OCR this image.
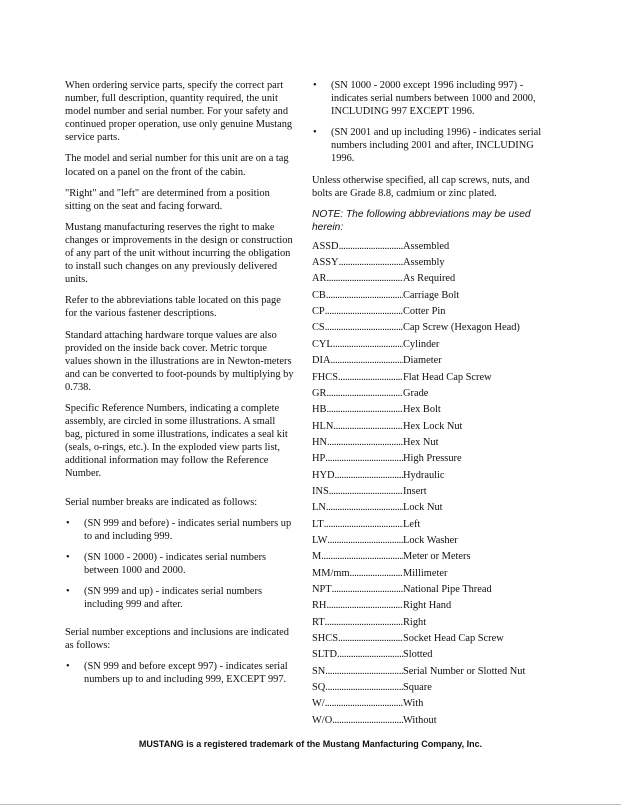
When ordering service parts, specify the correct part number, full description, quantity required, the unit model number and serial number. For your safety and continued proper operation, use only genuine Mustang service parts.

The model and serial number for this unit are on a tag located on a panel on the front of the cabin.

"Right" and "left" are determined from a position sitting on the seat and facing forward.

Mustang manufacturing reserves the right to make changes or improvements in the design or construction of any part of the unit without incurring the obligation to install such changes on any previously delivered units.

Refer to the abbreviations table located on this page for the various fastener descriptions.

Standard attaching hardware torque values are also provided on the inside back cover. Metric torque values shown in the illustrations are in Newton-meters and can be converted to foot-pounds by multiplying by 0.738.

Specific Reference Numbers, indicating a complete assembly, are circled in some illustrations. A small bag, pictured in some illustrations, indicates a seal kit (seals, o-rings, etc.). In the exploded view parts list, additional information may follow the Reference Number.

Serial number breaks are indicated as follows:

• (SN 999 and before) - indicates serial numbers up to and including 999.
• (SN 1000 - 2000) - indicates serial numbers between 1000 and 2000.
• (SN 999 and up) - indicates serial numbers including 999 and after.

Serial number exceptions and inclusions are indicated as follows:

• (SN 999 and before except 997) - indicates serial numbers up to and including 999, EXCEPT 997.
• (SN 1000 - 2000 except 1996 including 997) - indicates serial numbers between 1000 and 2000, INCLUDING 997 EXCEPT 1996.
• (SN 2001 and up including 1996) - indicates serial numbers including 2001 and after, INCLUDING 1996.

Unless otherwise specified, all cap screws, nuts, and bolts are Grade 8.8, cadmium or zinc plated.

NOTE: The following abbreviations may be used herein:

ASSD .....	Assembled
ASSY .....	Assembly
AR .....	As Required
CB .....	Carriage Bolt
CP .....	Cotter Pin
CS .....	Cap Screw (Hexagon Head)
CYL .....	Cylinder
DIA .....	Diameter
FHCS .....	Flat Head Cap Screw
GR .....	Grade
HB .....	Hex Bolt
HLN .....	Hex Lock Nut
HN .....	Hex Nut
HP .....	High Pressure
HYD .....	Hydraulic
INS .....	Insert
LN .....	Lock Nut
LT .....	Left
LW .....	Lock Washer
M .....	Meter or Meters
MM/mm .....	Millimeter
NPT .....	National Pipe Thread
RH .....	Right Hand
RT .....	Right
SHCS .....	Socket Head Cap Screw
SLTD .....	Slotted
SN .....	Serial Number or Slotted Nut
SQ .....	Square
W/ .....	With
W/O .....	Without
MUSTANG is a registered trademark of the Mustang Manfacturing Company, Inc.
